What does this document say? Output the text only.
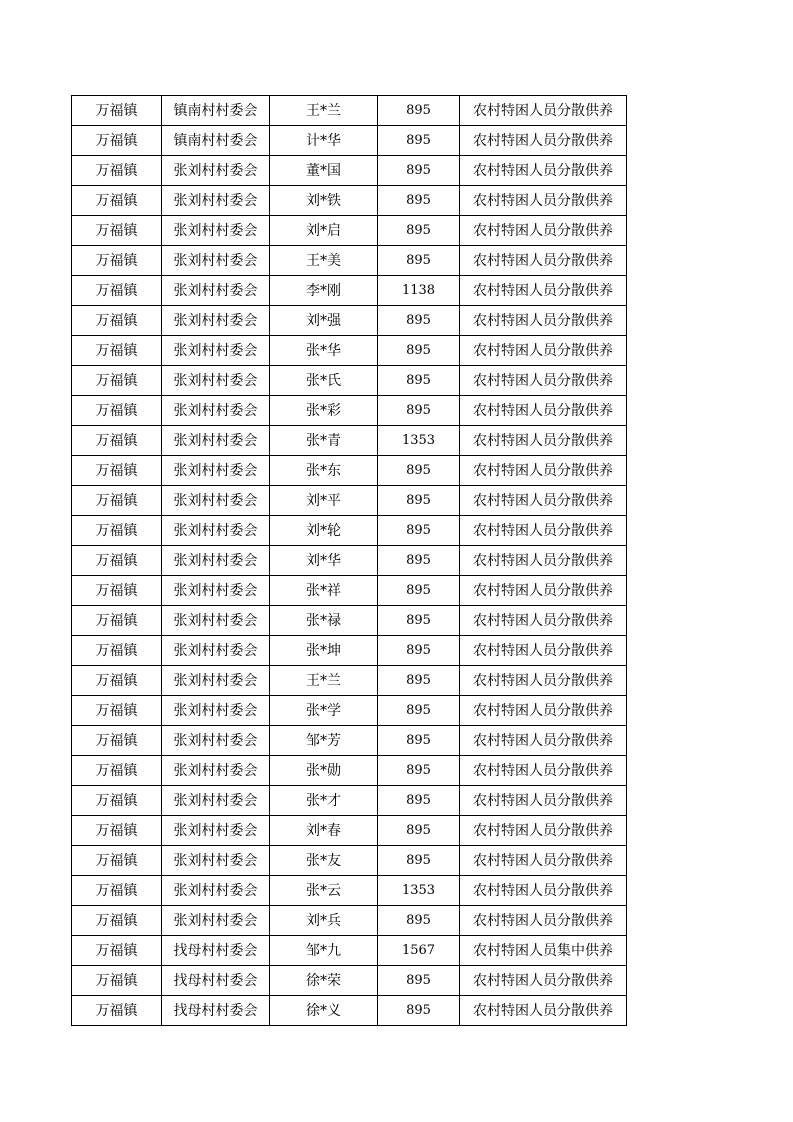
万福镇	镇南村村委会	王*兰	895	农村特困人员分散供养
万福镇	镇南村村委会	计*华	895	农村特困人员分散供养
万福镇	张刘村村委会	董*国	895	农村特困人员分散供养
万福镇	张刘村村委会	刘*铁	895	农村特困人员分散供养
万福镇	张刘村村委会	刘*启	895	农村特困人员分散供养
万福镇	张刘村村委会	王*美	895	农村特困人员分散供养
万福镇	张刘村村委会	李*刚	1138	农村特困人员分散供养
万福镇	张刘村村委会	刘*强	895	农村特困人员分散供养
万福镇	张刘村村委会	张*华	895	农村特困人员分散供养
万福镇	张刘村村委会	张*氏	895	农村特困人员分散供养
万福镇	张刘村村委会	张*彩	895	农村特困人员分散供养
万福镇	张刘村村委会	张*青	1353	农村特困人员分散供养
万福镇	张刘村村委会	张*东	895	农村特困人员分散供养
万福镇	张刘村村委会	刘*平	895	农村特困人员分散供养
万福镇	张刘村村委会	刘*轮	895	农村特困人员分散供养
万福镇	张刘村村委会	刘*华	895	农村特困人员分散供养
万福镇	张刘村村委会	张*祥	895	农村特困人员分散供养
万福镇	张刘村村委会	张*禄	895	农村特困人员分散供养
万福镇	张刘村村委会	张*坤	895	农村特困人员分散供养
万福镇	张刘村村委会	王*兰	895	农村特困人员分散供养
万福镇	张刘村村委会	张*学	895	农村特困人员分散供养
万福镇	张刘村村委会	邹*芳	895	农村特困人员分散供养
万福镇	张刘村村委会	张*勋	895	农村特困人员分散供养
万福镇	张刘村村委会	张*才	895	农村特困人员分散供养
万福镇	张刘村村委会	刘*春	895	农村特困人员分散供养
万福镇	张刘村村委会	张*友	895	农村特困人员分散供养
万福镇	张刘村村委会	张*云	1353	农村特困人员分散供养
万福镇	张刘村村委会	刘*兵	895	农村特困人员分散供养
万福镇	找母村村委会	邹*九	1567	农村特困人员集中供养
万福镇	找母村村委会	徐*荣	895	农村特困人员分散供养
万福镇	找母村村委会	徐*义	895	农村特困人员分散供养
